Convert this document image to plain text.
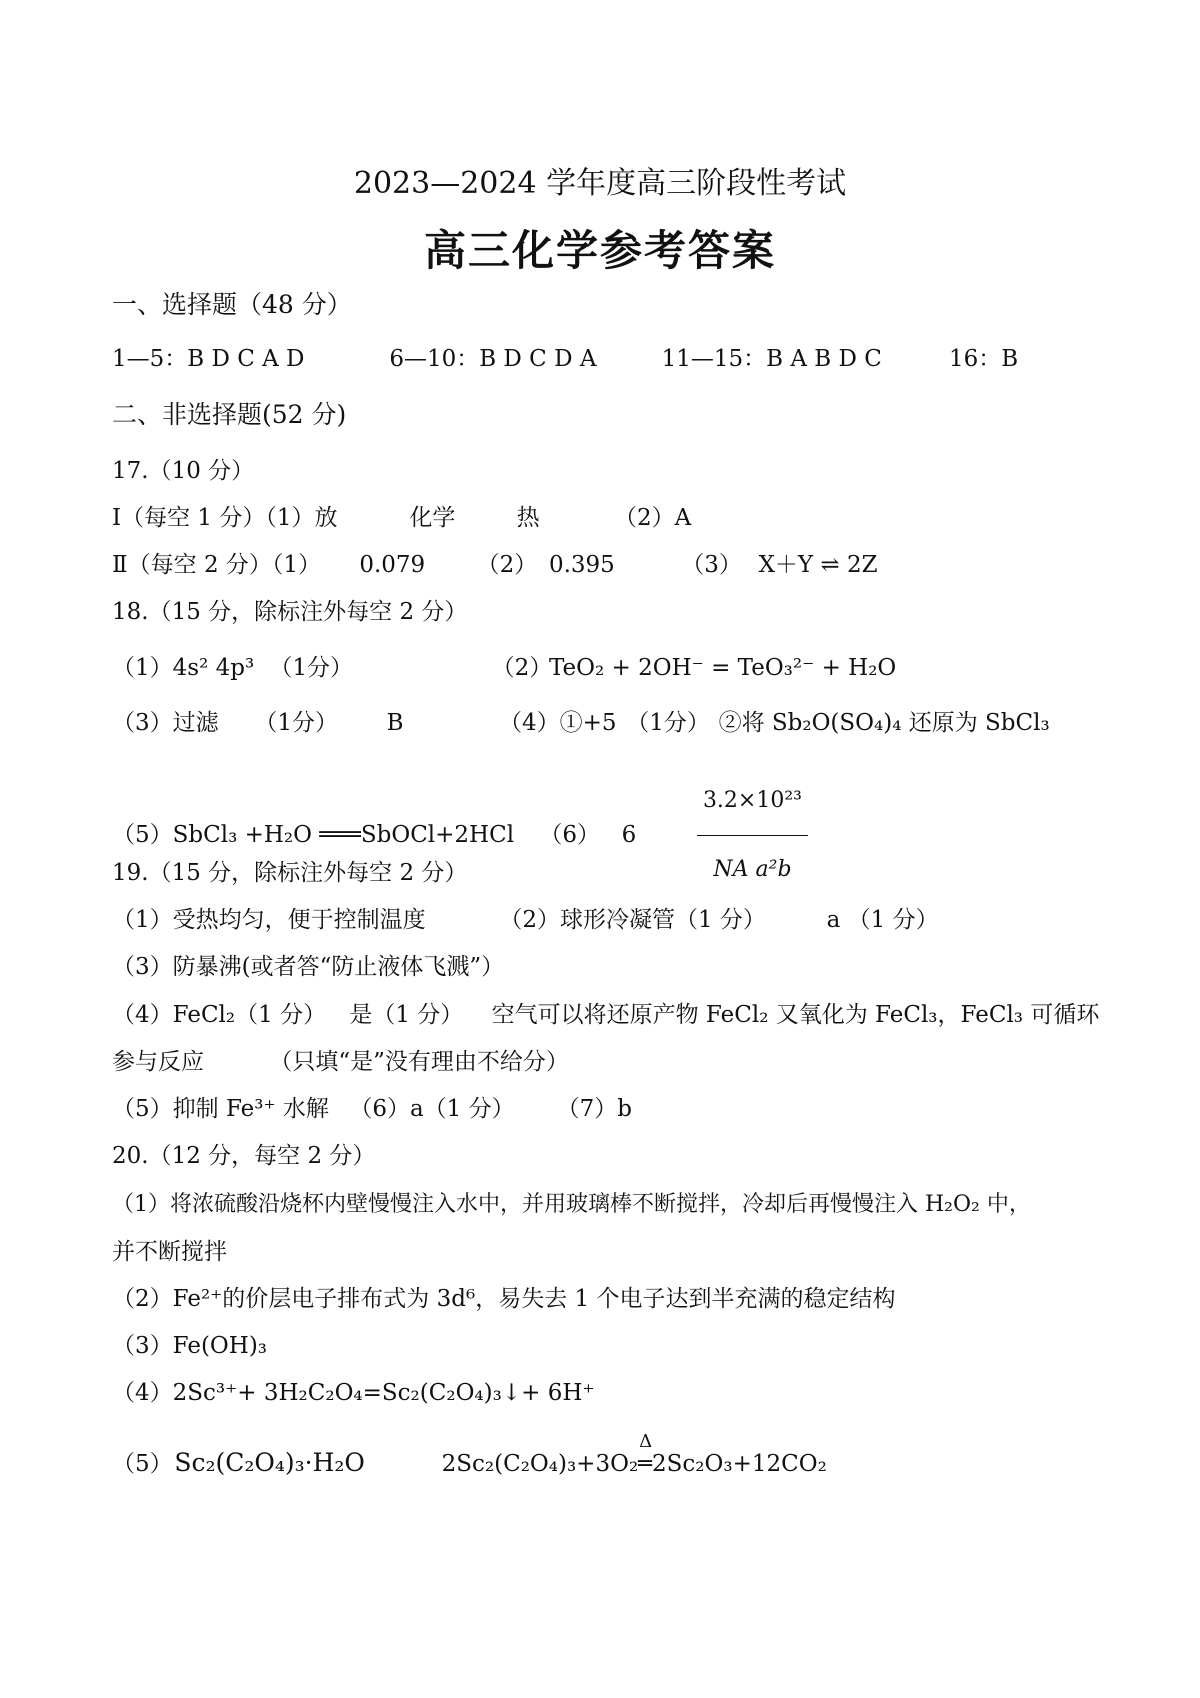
2023—2024 学年度高三阶段性考试
高三化学参考答案
一、选择题（48 分）
1—5：B D C A D	6—10：B D C D A	11—15：B A B D C	16：B
二、非选择题(52 分)
17.（10 分）
Ⅰ（每空 1 分）（1）放	化学	热	（2）A
Ⅱ（每空 2 分）（1） 0.079 （2） 0.395	（3） X＋Y ⇌ 2Z
18.（15 分，除标注外每空 2 分）
（1）4s² 4p³ （1分）	（2） TeO₂ + 2OH⁻ = TeO₃²⁻ + H₂O
（3）过滤 （1分） B	（4）①+5 （1分） ②将 Sb₂O(SO₄)₄ 还原为 SbCl₃
（5）SbCl₃ +H₂O ═══SbOCl+2HCl （6） 6	$\frac{\text{3.2×10²³}}{\text{NA a²b}}$
19.（15 分，除标注外每空 2 分）
（1）受热均匀，便于控制温度	（2）球形冷凝管（1 分）	a （1 分）
（3）防暴沸(或者答“防止液体飞溅”）
（4）FeCl₂（1 分） 是（1 分） 空气可以将还原产物 FeCl₂ 又氧化为 FeCl₃，FeCl₃ 可循环
参与反应	（只填“是”没有理由不给分）
（5）抑制 Fe³⁺ 水解 （6）a（1 分） （7）b
20.（12 分，每空 2 分）
（1）将浓硫酸沿烧杯内壁慢慢注入水中，并用玻璃棒不断搅拌，冷却后再慢慢注入 H₂O₂ 中，
并不断搅拌
（2）Fe²⁺的价层电子排布式为 3d⁶，易失去 1 个电子达到半充满的稳定结构
（3）Fe(OH)₃
（4）2Sc³⁺+ 3H₂C₂O₄=Sc₂(C₂O₄)₃↓+ 6H⁺
（5） Sc₂(C₂O₄)₃·H₂O	2Sc₂(C₂O₄)₃+3O₂
Δ
═2Sc₂O₃+12CO₂
